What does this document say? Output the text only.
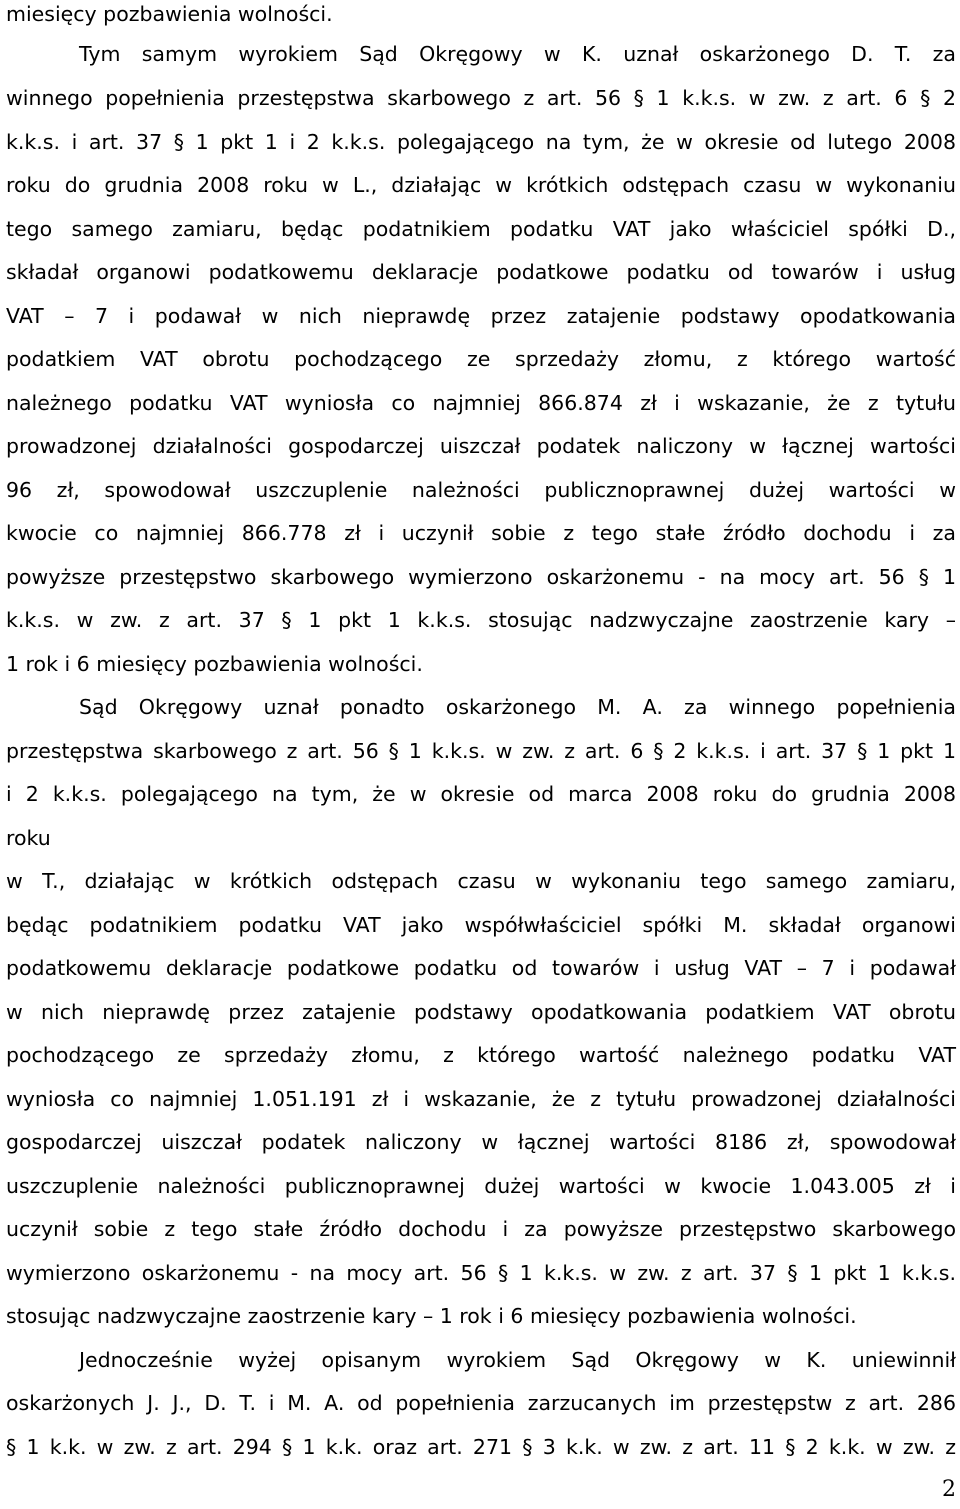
miesięcy pozbawienia wolności.
Tym samym wyrokiem Sąd Okręgowy w K. uznał oskarżonego D. T. za
winnego popełnienia przestępstwa skarbowego z art. 56 § 1 k.k.s. w zw. z art. 6 § 2
k.k.s. i art. 37 § 1 pkt 1 i 2 k.k.s. polegającego na tym, że w okresie od lutego 2008
roku do grudnia 2008 roku w L., działając w krótkich odstępach czasu w wykonaniu
tego samego zamiaru, będąc podatnikiem podatku VAT jako właściciel spółki D.,
składał organowi podatkowemu deklaracje podatkowe podatku od towarów i usług
VAT – 7 i podawał w nich nieprawdę przez zatajenie podstawy opodatkowania
podatkiem VAT obrotu pochodzącego ze sprzedaży złomu, z którego wartość
należnego podatku VAT wyniosła co najmniej 866.874 zł i wskazanie, że z tytułu
prowadzonej działalności gospodarczej uiszczał podatek naliczony w łącznej wartości
96 zł, spowodował uszczuplenie należności publicznoprawnej dużej wartości w
kwocie co najmniej 866.778 zł i uczynił sobie z tego stałe źródło dochodu i za
powyższe przestępstwo skarbowego wymierzono oskarżonemu - na mocy art. 56 § 1
k.k.s. w zw. z art. 37 § 1 pkt 1 k.k.s. stosując nadzwyczajne zaostrzenie kary –
1 rok i 6 miesięcy pozbawienia wolności.
Sąd Okręgowy uznał ponadto oskarżonego M. A. za winnego popełnienia
przestępstwa skarbowego z art. 56 § 1 k.k.s. w zw. z art. 6 § 2 k.k.s. i art. 37 § 1 pkt 1
i 2 k.k.s. polegającego na tym, że w okresie od marca 2008 roku do grudnia 2008
roku
w T., działając w krótkich odstępach czasu w wykonaniu tego samego zamiaru,
będąc podatnikiem podatku VAT jako współwłaściciel spółki M. składał organowi
podatkowemu deklaracje podatkowe podatku od towarów i usług VAT – 7 i podawał
w nich nieprawdę przez zatajenie podstawy opodatkowania podatkiem VAT obrotu
pochodzącego ze sprzedaży złomu, z którego wartość należnego podatku VAT
wyniosła co najmniej 1.051.191 zł i wskazanie, że z tytułu prowadzonej działalności
gospodarczej uiszczał podatek naliczony w łącznej wartości 8186 zł, spowodował
uszczuplenie należności publicznoprawnej dużej wartości w kwocie 1.043.005 zł i
uczynił sobie z tego stałe źródło dochodu i za powyższe przestępstwo skarbowego
wymierzono oskarżonemu - na mocy art. 56 § 1 k.k.s. w zw. z art. 37 § 1 pkt 1 k.k.s.
stosując nadzwyczajne zaostrzenie kary – 1 rok i 6 miesięcy pozbawienia wolności.
Jednocześnie wyżej opisanym wyrokiem Sąd Okręgowy w K. uniewinnił
oskarżonych J. J., D. T. i M. A. od popełnienia zarzucanych im przestępstw z art. 286
§ 1 k.k. w zw. z art. 294 § 1 k.k. oraz art. 271 § 3 k.k. w zw. z art. 11 § 2 k.k. w zw. z
2
